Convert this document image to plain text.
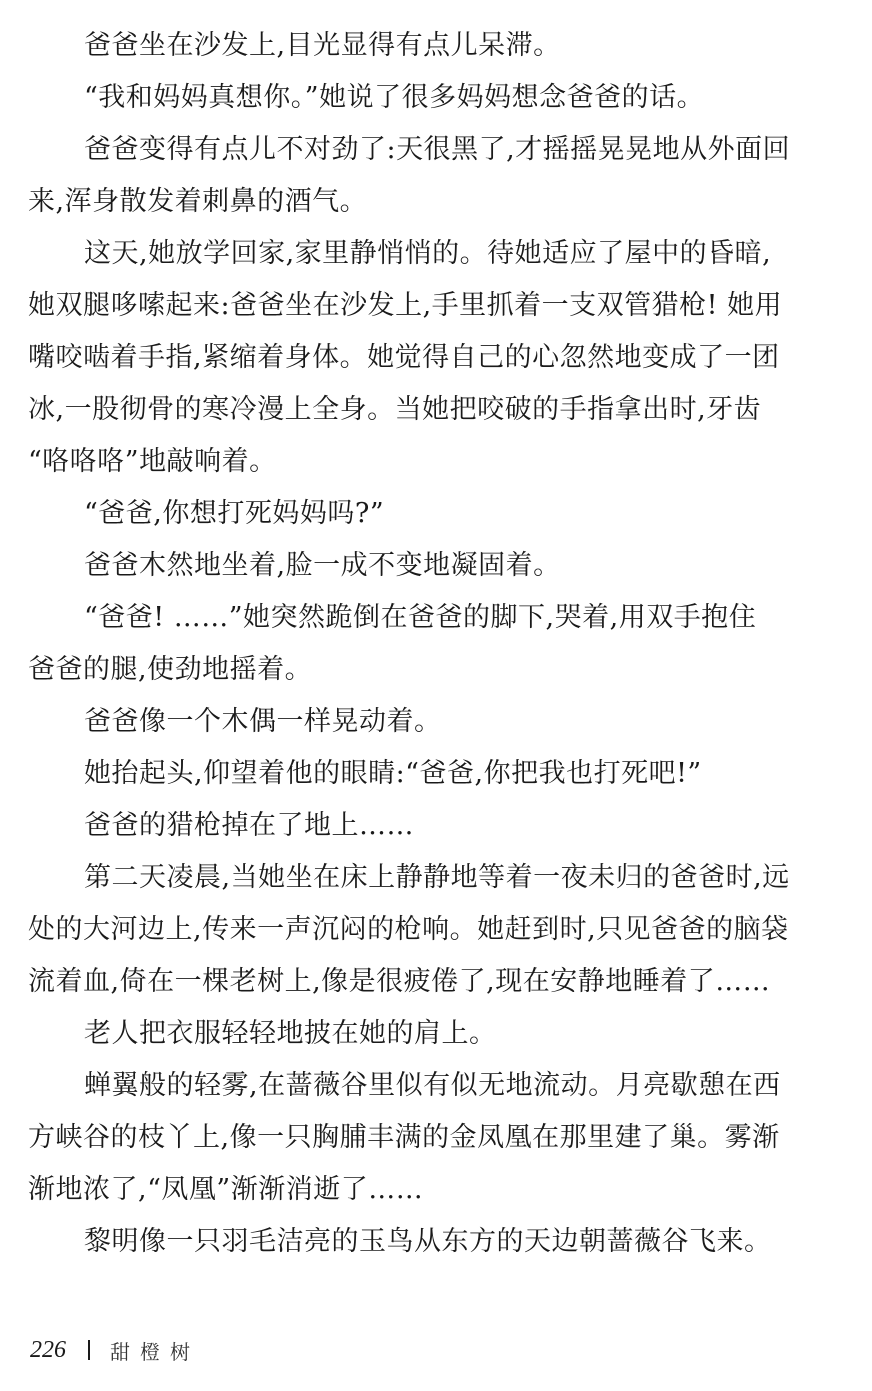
爸爸坐在沙发上,目光显得有点儿呆滞。
“我和妈妈真想你。”她说了很多妈妈想念爸爸的话。
爸爸变得有点儿不对劲了:天很黑了,才摇摇晃晃地从外面回
来,浑身散发着刺鼻的酒气。
这天,她放学回家,家里静悄悄的。待她适应了屋中的昏暗,
她双腿哆嗦起来:爸爸坐在沙发上,手里抓着一支双管猎枪! 她用
嘴咬啮着手指,紧缩着身体。她觉得自己的心忽然地变成了一团
冰,一股彻骨的寒冷漫上全身。当她把咬破的手指拿出时,牙齿
“咯咯咯”地敲响着。
“爸爸,你想打死妈妈吗?”
爸爸木然地坐着,脸一成不变地凝固着。
“爸爸! ……”她突然跪倒在爸爸的脚下,哭着,用双手抱住
爸爸的腿,使劲地摇着。
爸爸像一个木偶一样晃动着。
她抬起头,仰望着他的眼睛:“爸爸,你把我也打死吧!”
爸爸的猎枪掉在了地上……
第二天凌晨,当她坐在床上静静地等着一夜未归的爸爸时,远
处的大河边上,传来一声沉闷的枪响。她赶到时,只见爸爸的脑袋
流着血,倚在一棵老树上,像是很疲倦了,现在安静地睡着了……
老人把衣服轻轻地披在她的肩上。
蝉翼般的轻雾,在蔷薇谷里似有似无地流动。月亮歇憩在西
方峡谷的枝丫上,像一只胸脯丰满的金凤凰在那里建了巢。雾渐
渐地浓了,“凤凰”渐渐消逝了……
黎明像一只羽毛洁亮的玉鸟从东方的天边朝蔷薇谷飞来。
226 甜橙树
